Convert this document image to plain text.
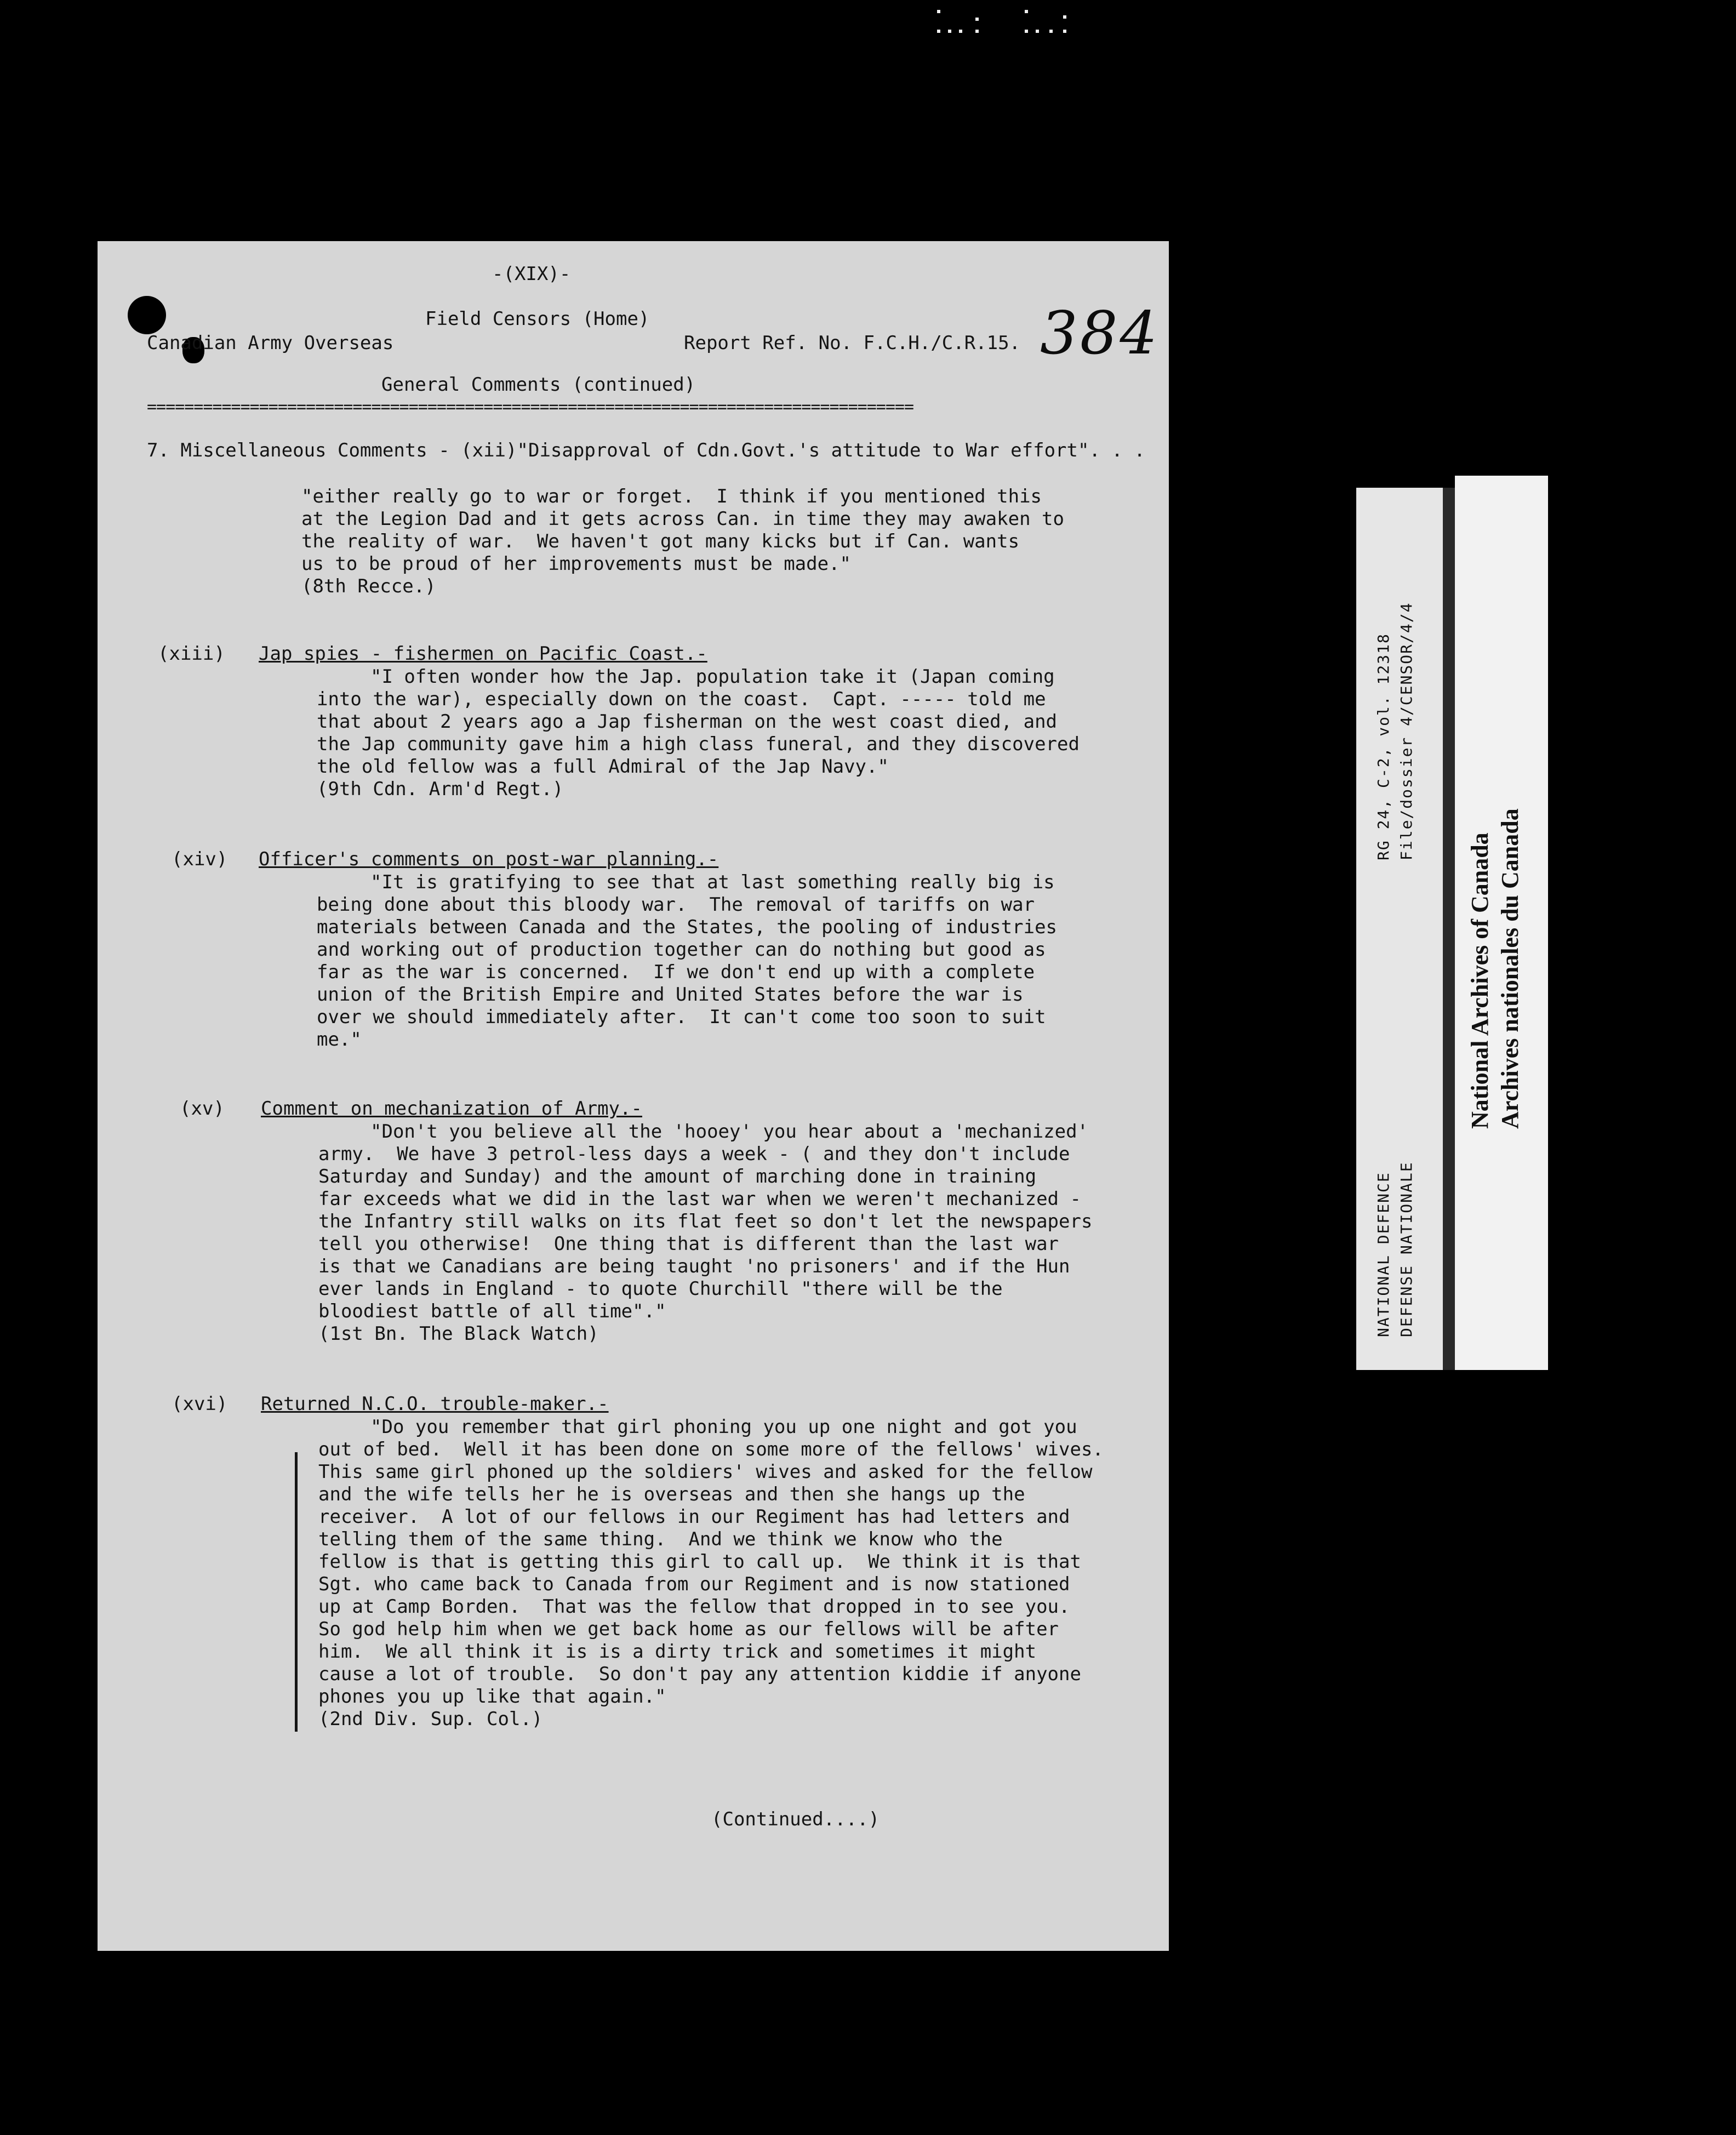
-(XIX)-

Field Censors (Home)

Canadian Army Overseas	Report Ref. No. F.C.H./C.R.15. 384

General Comments (continued)

==================================================================================

7. Miscellaneous Comments - (xii)"Disapproval of Cdn.Govt.'s attitude to War effort". . .

"either really go to war or forget.  I think if you mentioned this

at the Legion Dad and it gets across Can. in time they may awaken to

the reality of war.  We haven't got many kicks but if Can. wants

us to be proud of her improvements must be made."

(8th Recce.)

(xiii) Jap spies - fishermen on Pacific Coast.-

"I often wonder how the Jap. population take it (Japan coming

into the war), especially down on the coast.  Capt. ----- told me

that about 2 years ago a Jap fisherman on the west coast died, and

the Jap community gave him a high class funeral, and they discovered

the old fellow was a full Admiral of the Jap Navy."

(9th Cdn. Arm'd Regt.)

(xiv) Officer's comments on post-war planning.-

"It is gratifying to see that at last something really big is

being done about this bloody war.  The removal of tariffs on war

materials between Canada and the States, the pooling of industries

and working out of production together can do nothing but good as

far as the war is concerned.  If we don't end up with a complete

union of the British Empire and United States before the war is

over we should immediately after.  It can't come too soon to suit

me."

(xv) Comment on mechanization of Army.-

"Don't you believe all the 'hooey' you hear about a 'mechanized'

army.  We have 3 petrol-less days a week - ( and they don't include

Saturday and Sunday) and the amount of marching done in training

far exceeds what we did in the last war when we weren't mechanized -

the Infantry still walks on its flat feet so don't let the newspapers

tell you otherwise!  One thing that is different than the last war

is that we Canadians are being taught 'no prisoners' and if the Hun

ever lands in England - to quote Churchill "there will be the

bloodiest battle of all time"."

(1st Bn. The Black Watch)

(xvi) Returned N.C.O. trouble-maker.-

"Do you remember that girl phoning you up one night and got you

out of bed.  Well it has been done on some more of the fellows' wives.

This same girl phoned up the soldiers' wives and asked for the fellow

and the wife tells her he is overseas and then she hangs up the

receiver.  A lot of our fellows in our Regiment has had letters and

telling them of the same thing.  And we think we know who the

fellow is that is getting this girl to call up.  We think it is that

Sgt. who came back to Canada from our Regiment and is now stationed

up at Camp Borden.  That was the fellow that dropped in to see you.

So god help him when we get back home as our fellows will be after

him.  We all think it is is a dirty trick and sometimes it might

cause a lot of trouble.  So don't pay any attention kiddie if anyone

phones you up like that again."

(2nd Div. Sup. Col.)

(Continued....)

RG 24, C-2, vol. 12318 File/dossier 4/CENSOR/4/4
NATIONAL DEFENCE DEFENSE NATIONALE
National Archives of Canada Archives nationales du Canada
